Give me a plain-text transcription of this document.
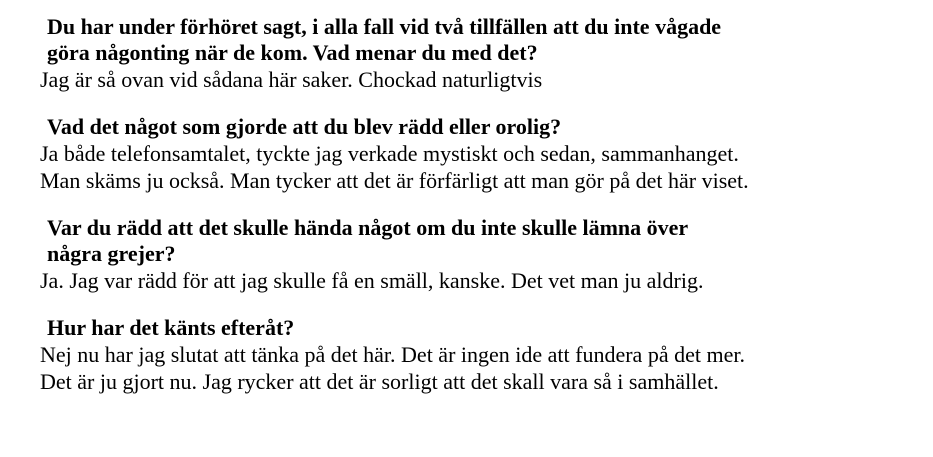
Du har under förhöret sagt, i alla fall vid två tillfällen att du inte vågade
göra någonting när de kom. Vad menar du med det?

Jag är så ovan vid sådana här saker. Chockad naturligtvis

Vad det något som gjorde att du blev rädd eller orolig?

Ja både telefonsamtalet, tyckte jag verkade mystiskt och sedan, sammanhanget.
Man skäms ju också. Man tycker att det är förfärligt att man gör på det här viset.

Var du rädd att det skulle hända något om du inte skulle lämna över
några grejer?

Ja. Jag var rädd för att jag skulle få en smäll, kanske. Det vet man ju aldrig.

Hur har det känts efteråt?

Nej nu har jag slutat att tänka på det här. Det är ingen ide att fundera på det mer.
Det är ju gjort nu. Jag rycker att det är sorligt att det skall vara så i samhället.
